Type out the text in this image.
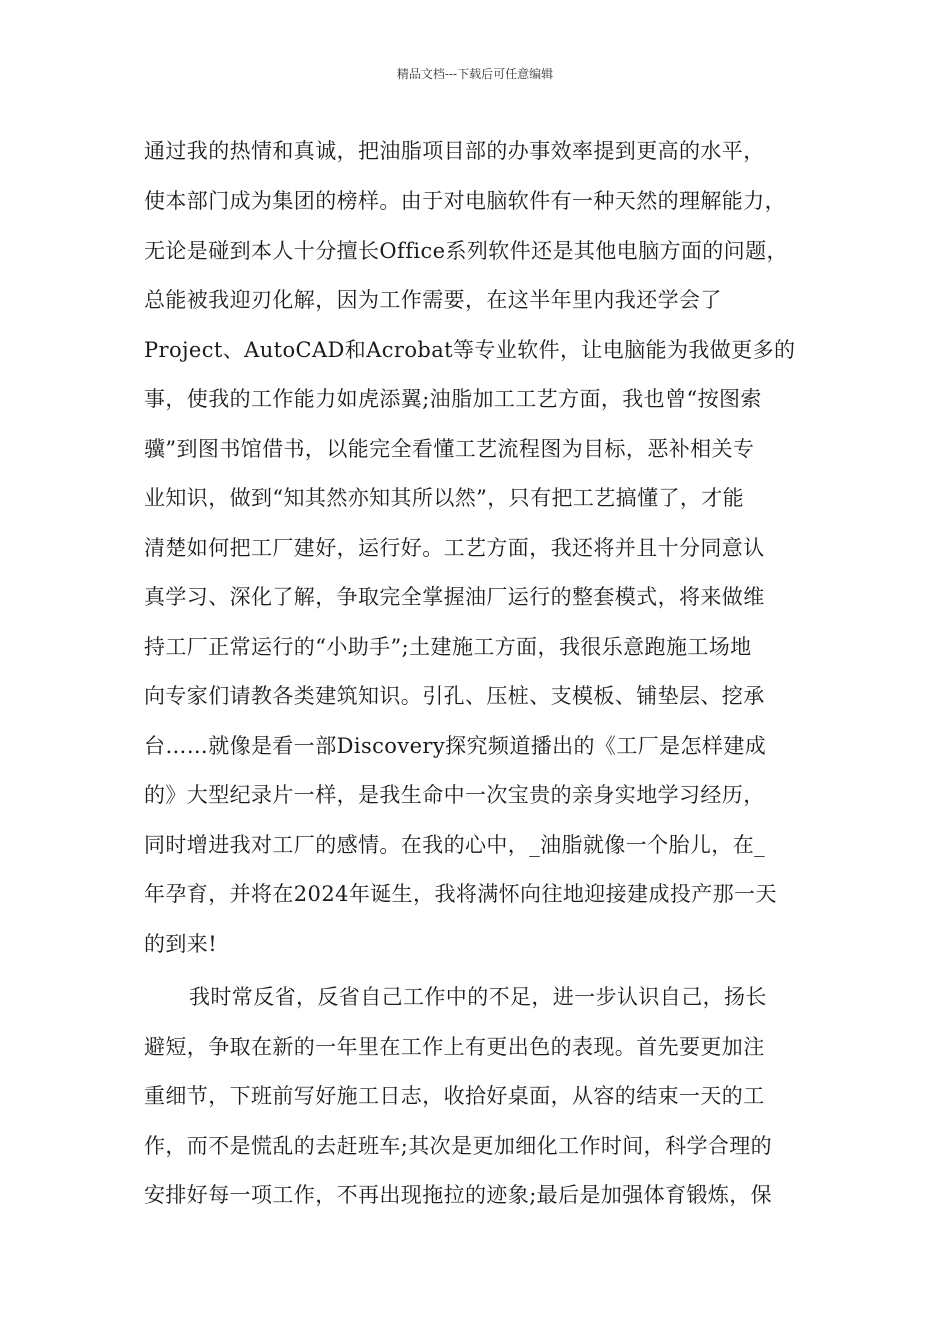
精品文档---下载后可任意编辑
通过我的热情和真诚，把油脂项目部的办事效率提到更高的水平，
使本部门成为集团的榜样。由于对电脑软件有一种天然的理解能力，
无论是碰到本人十分擅长Office系列软件还是其他电脑方面的问题，
总能被我迎刃化解，因为工作需要，在这半年里内我还学会了
Project、AutoCAD和Acrobat等专业软件，让电脑能为我做更多的
事，使我的工作能力如虎添翼;油脂加工工艺方面，我也曾“按图索
骥”到图书馆借书，以能完全看懂工艺流程图为目标，恶补相关专
业知识，做到“知其然亦知其所以然”，只有把工艺搞懂了，才能
清楚如何把工厂建好，运行好。工艺方面，我还将并且十分同意认
真学习、深化了解，争取完全掌握油厂运行的整套模式，将来做维
持工厂正常运行的“小助手”;土建施工方面，我很乐意跑施工场地
向专家们请教各类建筑知识。引孔、压桩、支模板、铺垫层、挖承
台……就像是看一部Discovery探究频道播出的《工厂是怎样建成
的》大型纪录片一样，是我生命中一次宝贵的亲身实地学习经历，
同时增进我对工厂的感情。在我的心中，_油脂就像一个胎儿，在_
年孕育，并将在2024年诞生，我将满怀向往地迎接建成投产那一天
的到来!
我时常反省，反省自己工作中的不足，进一步认识自己，扬长
避短，争取在新的一年里在工作上有更出色的表现。首先要更加注
重细节，下班前写好施工日志，收拾好桌面，从容的结束一天的工
作，而不是慌乱的去赶班车;其次是更加细化工作时间，科学合理的
安排好每一项工作，不再出现拖拉的迹象;最后是加强体育锻炼，保
